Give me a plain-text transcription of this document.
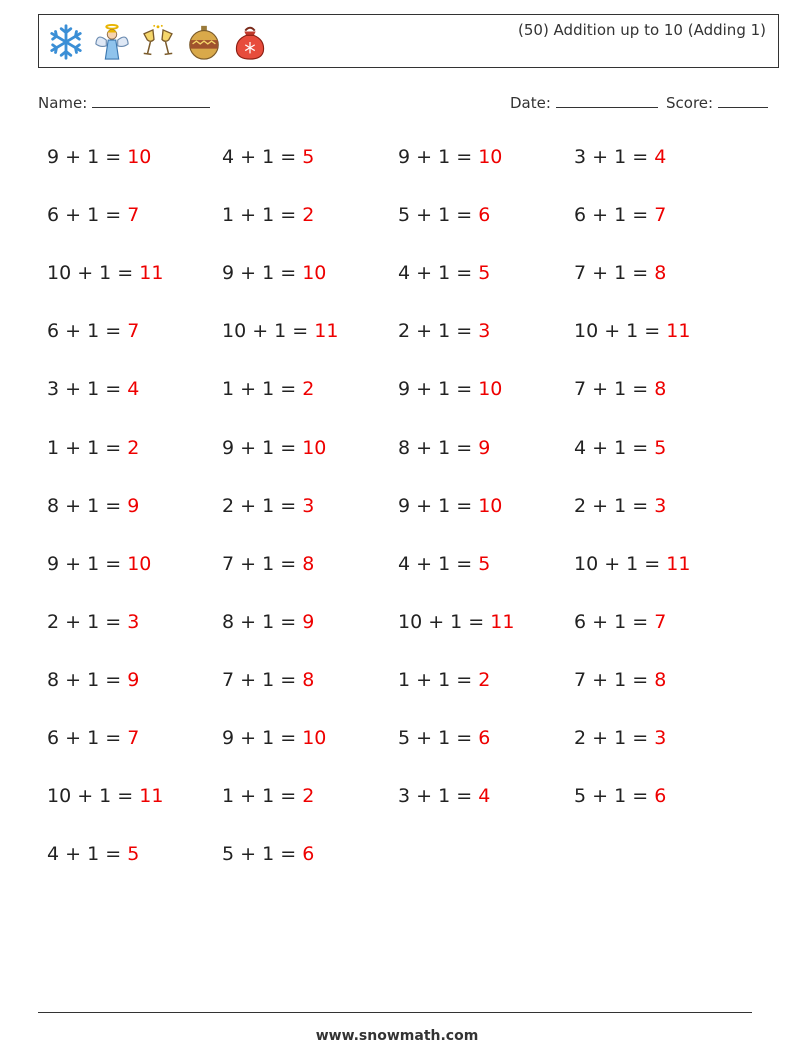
(50) Addition up to 10 (Adding 1)
Name:	Date:	Score:
9 + 1 = 10	4 + 1 = 5	9 + 1 = 10	3 + 1 = 4
6 + 1 = 7	1 + 1 = 2	5 + 1 = 6	6 + 1 = 7
10 + 1 = 11	9 + 1 = 10	4 + 1 = 5	7 + 1 = 8
6 + 1 = 7	10 + 1 = 11	2 + 1 = 3	10 + 1 = 11
3 + 1 = 4	1 + 1 = 2	9 + 1 = 10	7 + 1 = 8
1 + 1 = 2	9 + 1 = 10	8 + 1 = 9	4 + 1 = 5
8 + 1 = 9	2 + 1 = 3	9 + 1 = 10	2 + 1 = 3
9 + 1 = 10	7 + 1 = 8	4 + 1 = 5	10 + 1 = 11
2 + 1 = 3	8 + 1 = 9	10 + 1 = 11	6 + 1 = 7
8 + 1 = 9	7 + 1 = 8	1 + 1 = 2	7 + 1 = 8
6 + 1 = 7	9 + 1 = 10	5 + 1 = 6	2 + 1 = 3
10 + 1 = 11	1 + 1 = 2	3 + 1 = 4	5 + 1 = 6
4 + 1 = 5	5 + 1 = 6
www.snowmath.com
